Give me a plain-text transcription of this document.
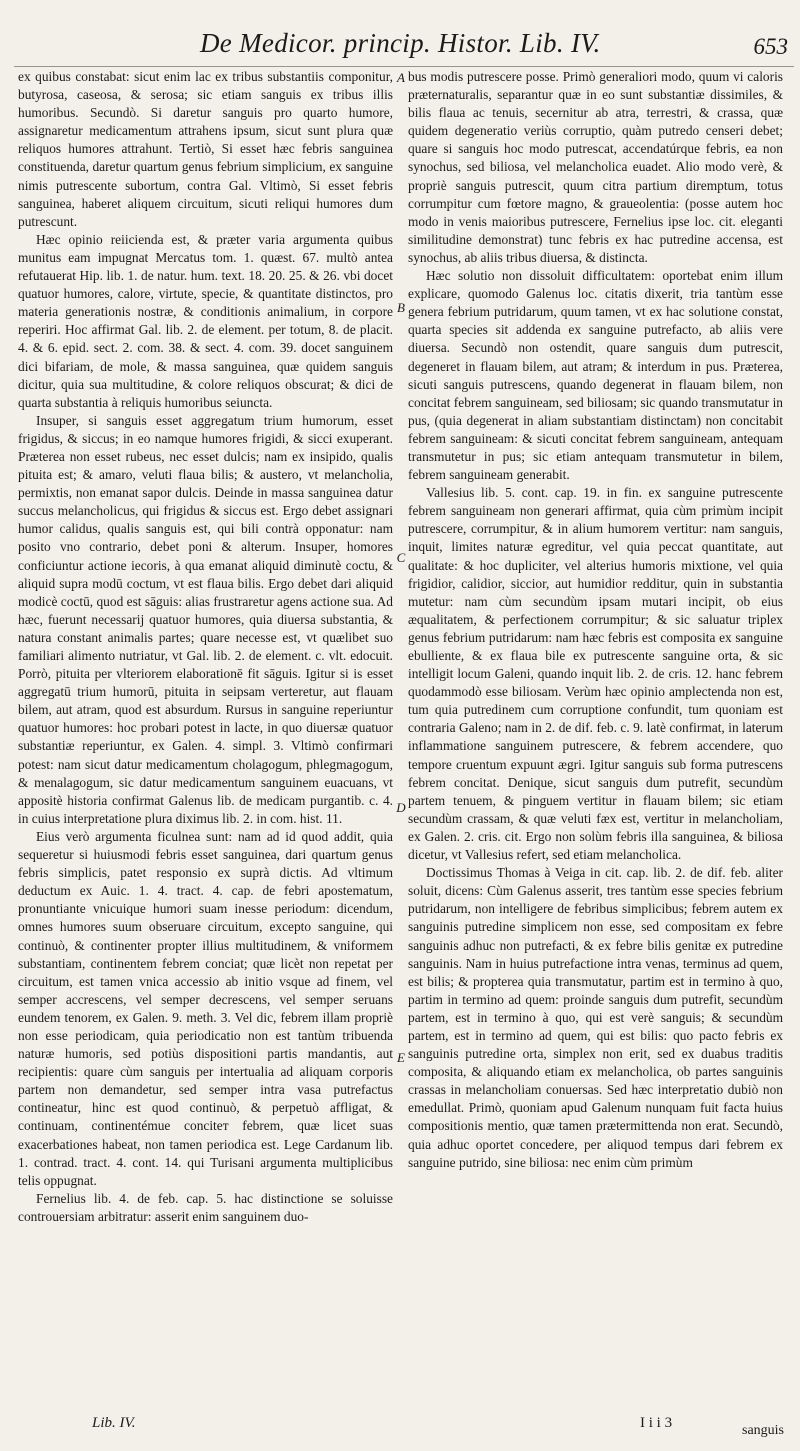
De Medicor. princip. Histor. Lib. IV.	653

ex quibus constabat: sicut enim lac ex tribus substantiis componitur, butyrosa, caseosa, & serosa; sic etiam sanguis ex tribus illis humoribus. Secundò. Si daretur sanguis pro quarto humore, assignaretur medicamentum attrahens ipsum, sicut sunt plura quæ reliquos humores attrahunt. Tertiò, Si esset hæc febris sanguinea constituenda, daretur quartum genus febrium simplicium, ex sanguine nimis putrescente subortum, contra Gal. Vltimò, Si esset febris sanguinea, haberet aliquem circuitum, sicuti reliqui humores dum putrescunt.

Hæc opinio reiicienda est, & præter varia argumenta quibus munitus eam impugnat Mercatus tom. 1. quæst. 67. multò antea refutauerat Hip. lib. 1. de natur. hum. text. 18. 20. 25. & 26. vbi docet quatuor humores, calore, virtute, specie, & quantitate distinctos, pro materia generationis nostræ, & conditionis animalium, in corpore reperiri. Hoc affirmat Gal. lib. 2. de element. per totum, 8. de placit. 4. & 6. epid. sect. 2. com. 38. & sect. 4. com. 39. docet sanguinem dici bifariam, de mole, & massa sanguinea, quæ quidem sanguis dicitur, quia sua multitudine, & colore reliquos obscurat; & dici de quarta substantia à reliquis humoribus seiuncta.

Insuper, si sanguis esset aggregatum trium humorum, esset frigidus, & siccus; in eo namque humores frigidi, & sicci exuperant. Præterea non esset rubeus, nec esset dulcis; nam ex insipido, qualis pituita est; & amaro, veluti flaua bilis; & austero, vt melancholia, permixtis, non emanat sapor dulcis. Deinde in massa sanguinea datur succus melancholicus, qui frigidus & siccus est. Ergo debet assignari humor calidus, qualis sanguis est, qui bili contrà opponatur: nam posito vno contrario, debet poni & alterum. Insuper, homores conficiuntur actione iecoris, à qua emanat aliquid diminutè coctu, & aliquid supra modū coctum, vt est flaua bilis. Ergo debet dari aliquid modicè coctū, quod est sāguis: alias frustraretur agens actione sua. Ad hæc, fuerunt necessarij quatuor humores, quia diuersa substantia, & natura constant animalis partes; quare necesse est, vt quælibet suo familiari alimento nutriatur, vt Gal. lib. 2. de element. c. vlt. edocuit. Porrò, pituita per vlteriorem elaborationē fit sāguis. Igitur si is esset aggregatū trium humorū, pituita in seipsam verteretur, aut flauam bilem, aut atram, quod est absurdum. Rursus in sanguine reperiuntur quatuor humores: hoc probari potest in lacte, in quo diuersæ quatuor substantiæ reperiuntur, ex Galen. 4. simpl. 3. Vltimò confirmari potest: nam sicut datur medicamentum cholagogum, phlegmagogum, & menalagogum, sic datur medicamentum sanguinem euacuans, vt appositè historia confirmat Galenus lib. de medicam purgantib. c. 4. in cuius interpretatione plura diximus lib. 2. in com. hist. 11.

Eius verò argumenta ficulnea sunt: nam ad id quod addit, quia sequeretur si huiusmodi febris esset sanguinea, dari quartum genus febris simplicis, patet responsio ex suprà dictis. Ad vltimum deductum ex Auic. 1. 4. tract. 4. cap. de febri apostematum, pronuntiante vnicuique humori suam inesse periodum: dicendum, omnes humores suum obseruare circuitum, excepto sanguine, qui continuò, & continenter propter illius multitudinem, & vniformem substantiam, continentem febrem conciat; quæ licèt non repetat per circuitum, est tamen vnica accessio ab initio vsque ad finem, vel semper accrescens, vel semper decrescens, vel semper seruans eundem tenorem, ex Galen. 9. meth. 3. Vel dic, febrem illam propriè non esse periodicam, quia periodicatio non est tantùm tribuenda naturæ humoris, sed potiùs dispositioni partis mandantis, aut recipientis: quare cùm sanguis per intertualia ad aliquam corporis partem non demandetur, sed semper intra vasa putrefactus contineatur, hinc est quod continuò, & perpetuò affligat, & continuam, continentémue conciteт febrem, quæ licet suas exacerbationes habeat, non tamen periodica est. Lege Cardanum lib. 1. contrad. tract. 4. cont. 14. qui Turisani argumenta multiplicibus telis oppugnat.

Fernelius lib. 4. de feb. cap. 5. hac distinctione se soluisse controuersiam arbitratur: asserit enim sanguinem duo-

bus modis putrescere posse. Primò generaliori modo, quum vi caloris præternaturalis, separantur quæ in eo sunt substantiæ dissimiles, & bilis flaua ac tenuis, secernitur ab atra, terrestri, & crassa, quæ quidem degeneratio veriùs corruptio, quàm putredo censeri debet; quare si sanguis hoc modo putrescat, accendatúrque febris, ea non synochus, sed biliosa, vel melancholica euadet. Alio modo verè, & propriè sanguis putrescit, quum citra partium diremptum, totus corrumpitur cum fœtore magno, & graueolentia: (posse autem hoc modo in venis maioribus putrescere, Fernelius ipse loc. cit. eleganti similitudine demonstrat) tunc febris ex hac putredine accensa, est synochus, ab aliis tribus diuersa, & distincta.

Hæc solutio non dissoluit difficultatem: oportebat enim illum explicare, quomodo Galenus loc. citatis dixerit, tria tantùm esse genera febrium putridarum, quum tamen, vt ex hac solutione constat, quarta species sit addenda ex sanguine putrefacto, ab aliis vere diuersa. Secundò non ostendit, quare sanguis dum putrescit, degeneret in flauam bilem, aut atram; & interdum in pus. Præterea, sicuti sanguis putrescens, quando degenerat in flauam bilem, non concitat febrem sanguineam, sed biliosam; sic quando transmutatur in pus, (quia degenerat in aliam substantiam distinctam) non concitabit febrem sanguineam: & sicuti concitat febrem sanguineam, antequam transmutetur in pus; sic etiam antequam transmutetur in bilem, febrem sanguineam generabit.

Vallesius lib. 5. cont. cap. 19. in fin. ex sanguine putrescente febrem sanguineam non generari affirmat, quia cùm primùm incipit putrescere, corrumpitur, & in alium humorem vertitur: nam sanguis, inquit, limites naturæ egreditur, vel quia peccat quantitate, aut qualitate: & hoc dupliciter, vel alterius humoris mixtione, vel quia frigidior, calidior, siccior, aut humidior redditur, quin in substantia mutetur: nam cùm secundùm ipsam mutari incipit, ob eius æqualitatem, & perfectionem corrumpitur; & sic saluatur triplex genus febrium putridarum: nam hæc febris est composita ex sanguine ebulliente, & ex flaua bile ex putrescente sanguine orta, & sic intelligit locum Galeni, quando inquit lib. 2. de cris. 12. hanc febrem quodammodò esse biliosam. Verùm hæc opinio amplectenda non est, tum quia putredinem cum corruptione confundit, tum quoniam est contraria Galeno; nam in 2. de dif. feb. c. 9. latè confirmat, in laterum inflammatione sanguinem putrescere, & febrem accendere, quo tempore cruentum expuunt ægri. Igitur sanguis sub forma putrescens febrem concitat. Denique, sicut sanguis dum putrefit, secundùm partem tenuem, & pinguem vertitur in flauam bilem; sic etiam secundùm crassam, & quæ veluti fæx est, vertitur in melancholiam, ex Galen. 2. cris. cit. Ergo non solùm febris illa sanguinea, & biliosa dicetur, vt Vallesius refert, sed etiam melancholica.

Doctissimus Thomas à Veiga in cit. cap. lib. 2. de dif. feb. aliter soluit, dicens: Cùm Galenus asserit, tres tantùm esse species febrium putridarum, non intelligere de febribus simplicibus; febrem autem ex sanguinis putredine simplicem non esse, sed compositam ex febre sanguinis adhuc non putrefacti, & ex febre bilis genitæ ex putredine sanguinis. Nam in huius putrefactione intra venas, terminus ad quem, est bilis; & propterea quia transmutatur, partim est in termino à quo, partim in termino ad quem: proinde sanguis dum putrefit, secundùm partem, est in termino à quo, qui est verè sanguis; & secundùm partem, est in termino ad quem, qui est bilis: quo pacto febris ex sanguinis putredine orta, simplex non erit, sed ex duabus traditis composita, & aliquando etiam ex melancholica, ob partes sanguinis crassas in melancholiam conuersas. Sed hæc interpretatio dubiò non emedullat. Primò, quoniam apud Galenum nunquam fuit facta huius compositionis mentio, quæ tamen prætermittenda non erat. Secundò, quia adhuc oportet concedere, per aliquod tempus dari febrem ex sanguine putrido, sine biliosa: nec enim cùm primùm

A
B
C
D
E
Lib. IV.	I i i 3	sanguis
